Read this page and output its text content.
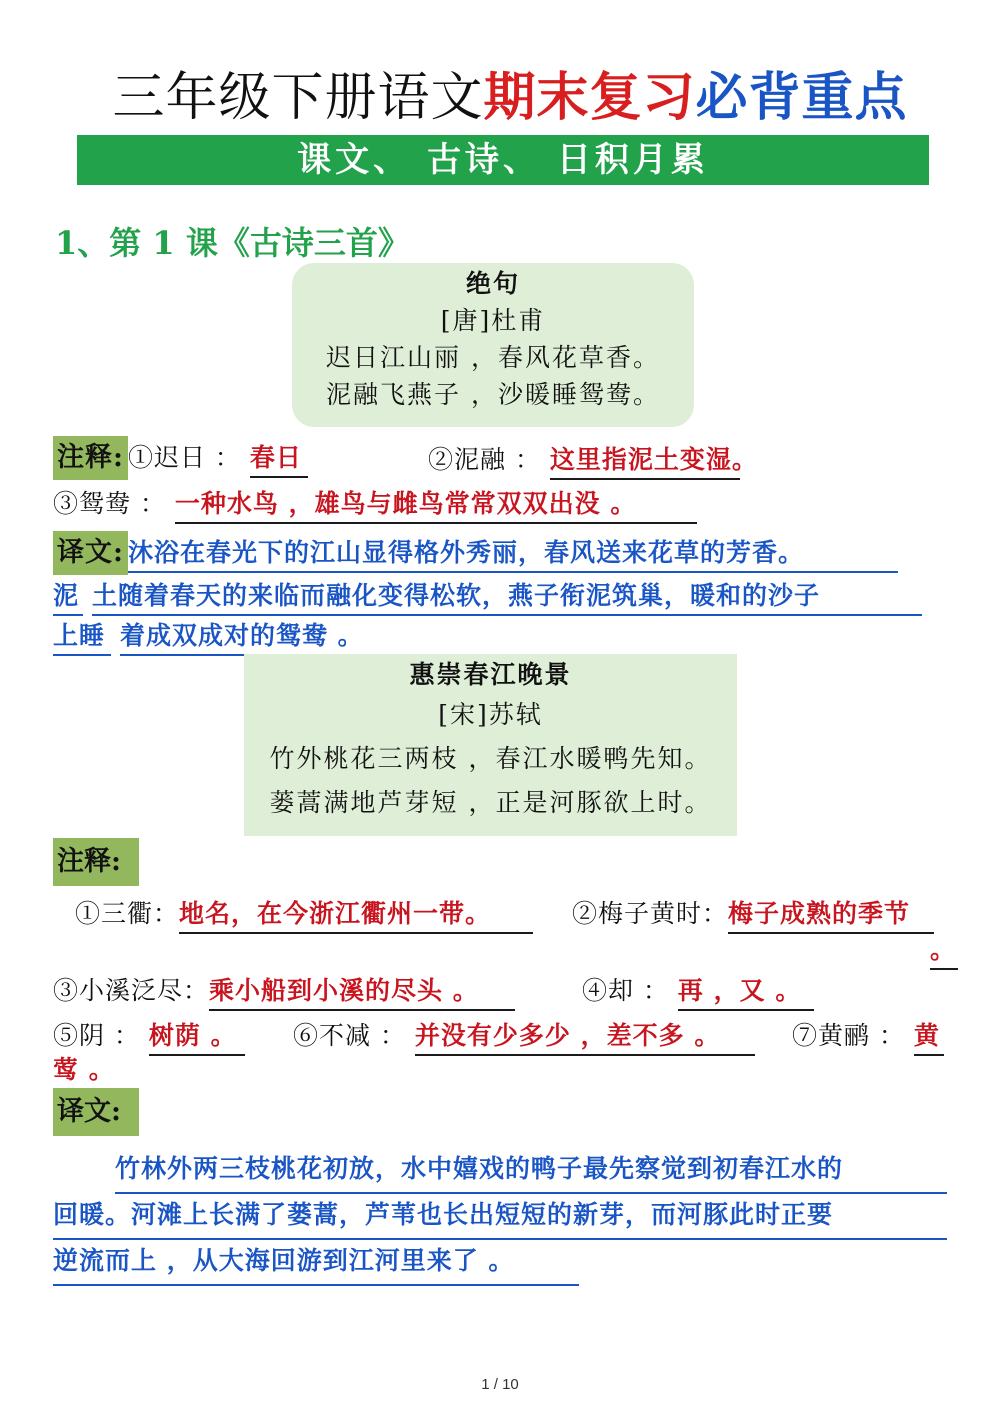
三年级下册语文期末复习必背重点
课文、 古诗、 日积月累
1、第 1 课《古诗三首》
绝句
[唐]杜甫
迟日江山丽 ，春风花草香。
泥融飞燕子 ，沙暖睡鸳鸯。
注释: ①迟日 ： 春日	②泥融 ： 这里指泥土变湿。
③鸳鸯 ： 一种水鸟 ，雄鸟与雌鸟常常双双出没 。
译文: 沐浴在春光下的江山显得格外秀丽，春风送来花草的芳香。
泥 土随着春天的来临而融化变得松软，燕子衔泥筑巢，暖和的沙子
上睡 着成双成对的鸳鸯 。
惠崇春江晚景
[宋]苏轼
竹外桃花三两枝 ，春江水暖鸭先知。
蒌蒿满地芦芽短 ，正是河豚欲上时。
注释:
①三衢：地名，在今浙江衢州一带。	②梅子黄时：梅子成熟的季节
。
③小溪泛尽：乘小船到小溪的尽头 。	④却 ： 再 ，又 。
⑤阴 ： 树荫 。	⑥不减 ： 并没有少多少 ，差不多 。	⑦黄鹂 ： 黄
莺 。
译文:
竹林外两三枝桃花初放，水中嬉戏的鸭子最先察觉到初春江水的
回暖。河滩上长满了蒌蒿，芦苇也长出短短的新芽，而河豚此时正要
逆流而上 ，从大海回游到江河里来了 。
1 / 10
